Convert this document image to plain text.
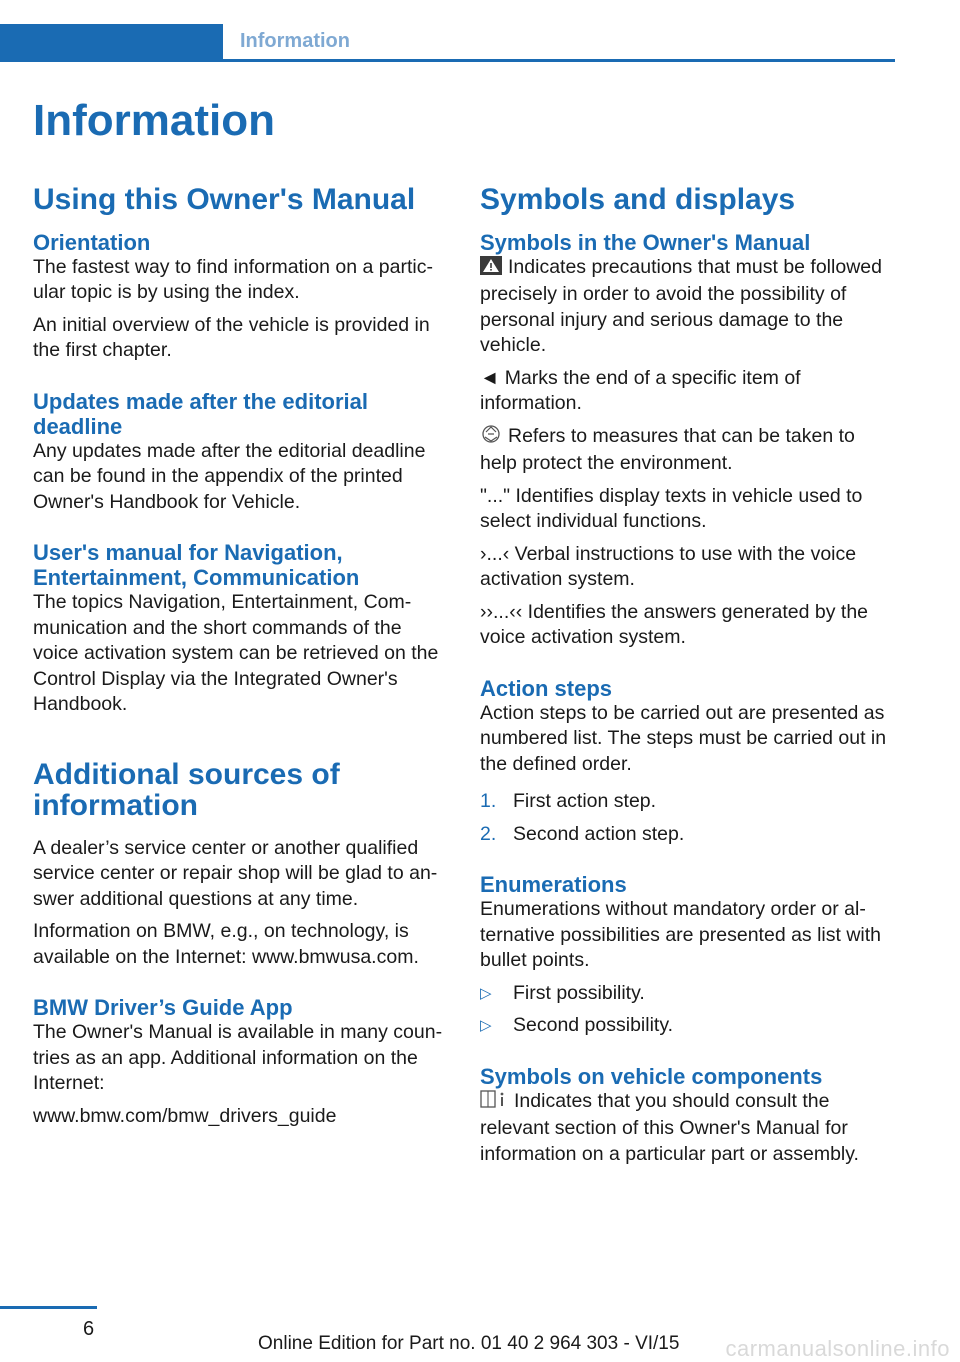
Information
Information
Using this Owner's Manual
Orientation

The fastest way to find information on a particular topic is by using the index.

An initial overview of the vehicle is provided in the first chapter.

Updates made after the editorial deadline

Any updates made after the editorial deadline can be found in the appendix of the printed Owner's Handbook for Vehicle.

User's manual for Navigation, Entertainment, Communication

The topics Navigation, Entertainment, Communication and the short commands of the voice activation system can be retrieved on the Control Display via the Integrated Owner's Handbook.

Additional sources of information

A dealer’s service center or another qualified service center or repair shop will be glad to answer additional questions at any time.

Information on BMW, e.g., on technology, is available on the Internet: www.bmwusa.com.

BMW Driver’s Guide App

The Owner's Manual is available in many countries as an app. Additional information on the Internet:

www.bmw.com/bmw_drivers_guide

Symbols and displays
Symbols in the Owner's Manual

Indicates precautions that must be followed precisely in order to avoid the possibility of personal injury and serious damage to the vehicle.

◄ Marks the end of a specific item of information.

Refers to measures that can be taken to help protect the environment.

"..." Identifies display texts in vehicle used to select individual functions.

›...‹ Verbal instructions to use with the voice activation system.

››...‹‹ Identifies the answers generated by the voice activation system.

Action steps

Action steps to be carried out are presented as numbered list. The steps must be carried out in the defined order.

1. First action step.
2. Second action step.
Enumerations

Enumerations without mandatory order or alternative possibilities are presented as list with bullet points.

▷	First possibility.
▷	Second possibility.
Symbols on vehicle components

Indicates that you should consult the relevant section of this Owner's Manual for information on a particular part or assembly.

6
Online Edition for Part no. 01 40 2 964 303 - VI/15 carmanualsonline.info
